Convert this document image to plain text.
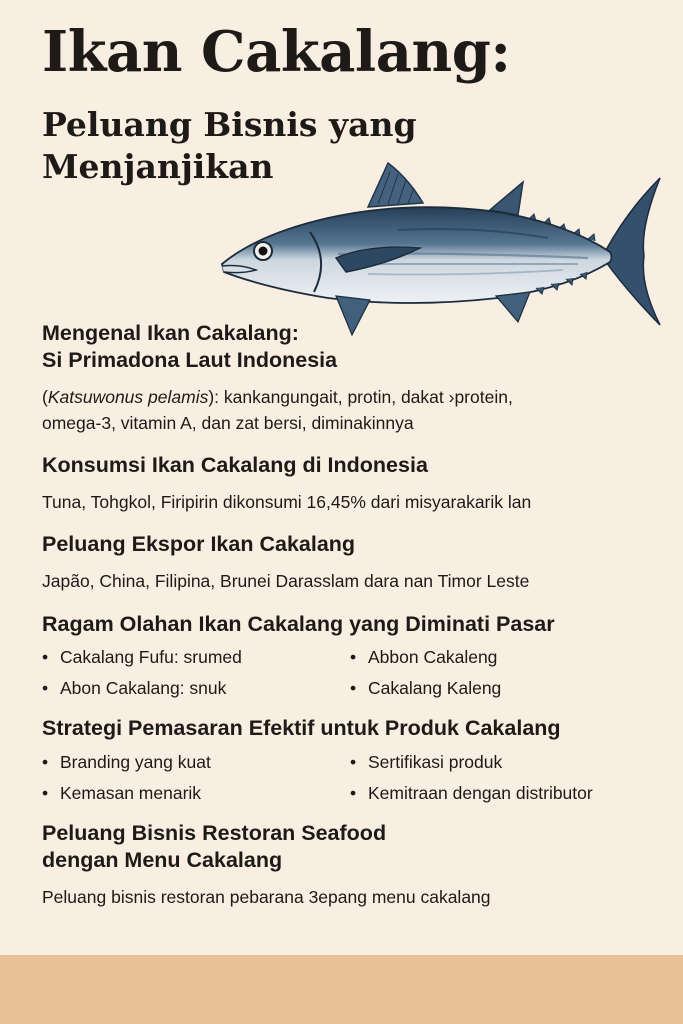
Ikan Cakalang:
Peluang Bisnis yang
Menjanjikan
Mengenal Ikan Cakalang:
Si Primadona Laut Indonesia

(Katsuwonus pelamis): kankangungait, protin, dakat ›protein,
omega-3, vitamin A, dan zat bersi, diminakinnya

Konsumsi Ikan Cakalang di Indonesia

Tuna, Tohgkol, Firipirin dikonsumi 16,45% dari misyarakarik lan

Peluang Ekspor Ikan Cakalang

Japão, China, Filipina, Brunei Darasslam dara nan Timor Leste

Ragam Olahan Ikan Cakalang yang Diminati Pasar
• Cakalang Fufu: srumed	• Abbon Cakaleng
• Abon Cakalang: snuk	• Cakalang Kaleng
Strategi Pemasaran Efektif untuk Produk Cakalang
• Branding yang kuat	• Sertifikasi produk
• Kemasan menarik	• Kemitraan dengan distributor
Peluang Bisnis Restoran Seafood
dengan Menu Cakalang

Peluang bisnis restoran pebarana 3epang menu cakalang
